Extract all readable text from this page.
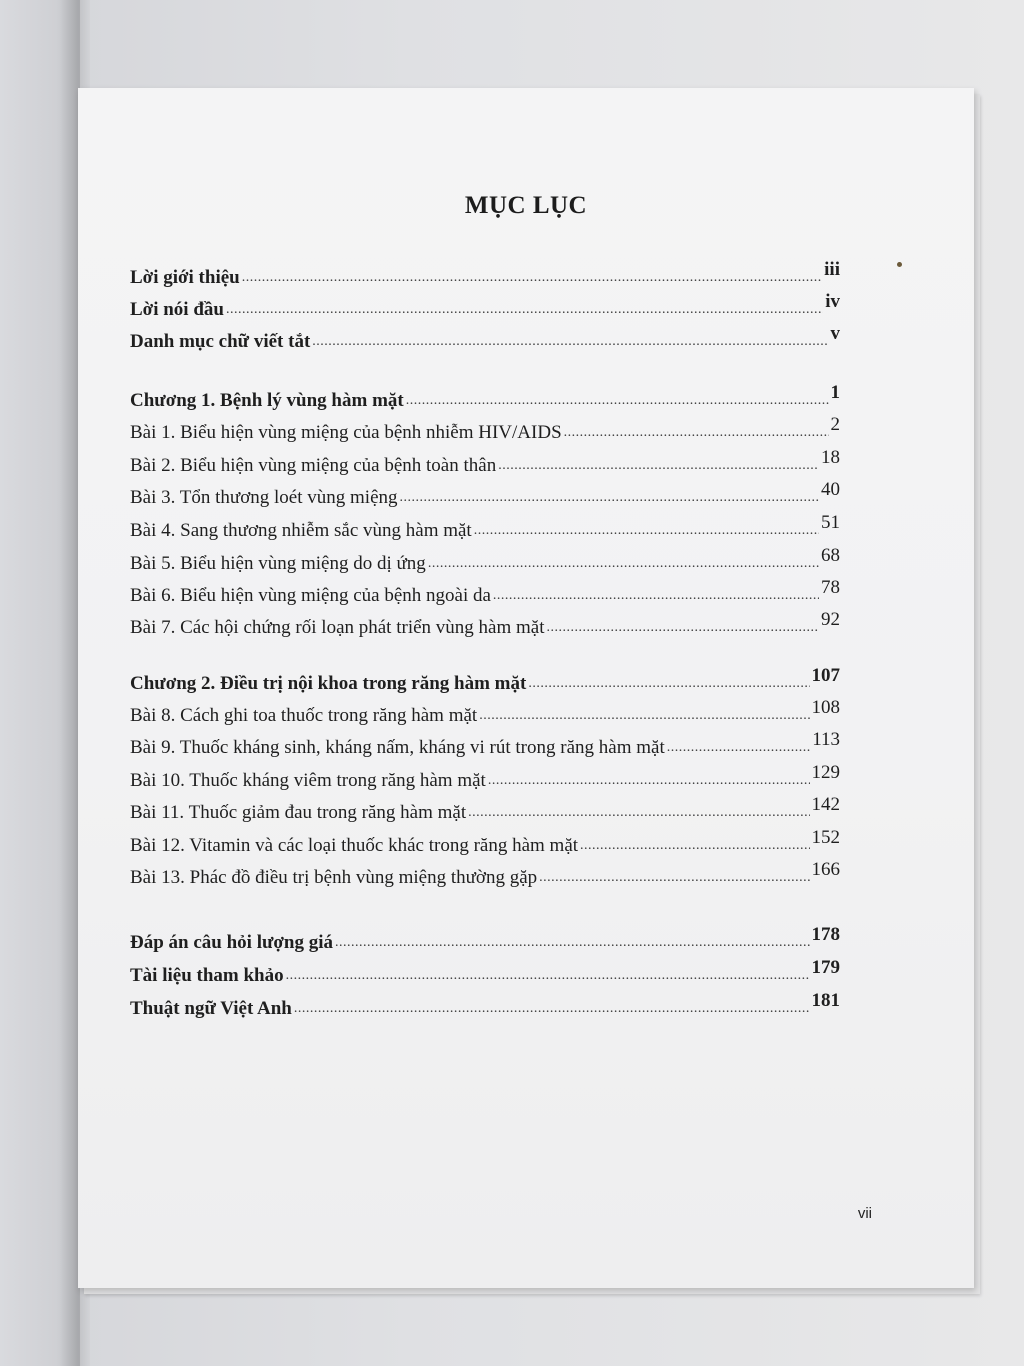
MỤC LỤC
Lời giới thiệu .....	iii
Lời nói đầu .....	iv
Danh mục chữ viết tắt .....	v
Chương 1. Bệnh lý vùng hàm mặt .....	1
Bài 1. Biểu hiện vùng miệng của bệnh nhiễm HIV/AIDS .....	2
Bài 2. Biểu hiện vùng miệng của bệnh toàn thân .....	18
Bài 3. Tổn thương loét vùng miệng .....	40
Bài 4. Sang thương nhiễm sắc vùng hàm mặt .....	51
Bài 5. Biểu hiện vùng miệng do dị ứng .....	68
Bài 6. Biểu hiện vùng miệng của bệnh ngoài da .....	78
Bài 7. Các hội chứng rối loạn phát triển vùng hàm mặt .....	92
Chương 2. Điều trị nội khoa trong răng hàm mặt .....	107
Bài 8. Cách ghi toa thuốc trong răng hàm mặt .....	108
Bài 9. Thuốc kháng sinh, kháng nấm, kháng vi rút trong răng hàm mặt .....	113
Bài 10. Thuốc kháng viêm trong răng hàm mặt .....	129
Bài 11. Thuốc giảm đau trong răng hàm mặt .....	142
Bài 12. Vitamin và các loại thuốc khác trong răng hàm mặt .....	152
Bài 13. Phác đồ điều trị bệnh vùng miệng thường gặp .....	166
Đáp án câu hỏi lượng giá .....	178
Tài liệu tham khảo .....	179
Thuật ngữ Việt Anh .....	181
vii
